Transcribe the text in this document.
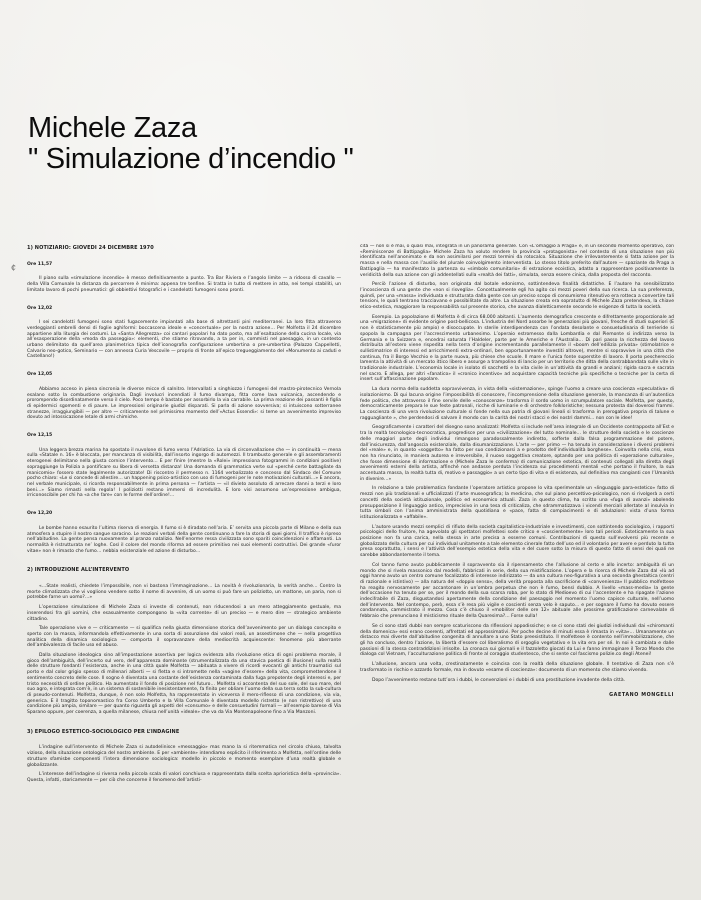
¢
Michele Zaza
" Simulazione d’incendio "
1) NOTIZIARIO: GIOVEDI 24 DICEMBRE 1970
Ore 11,57
Il piano sulla «simulazione incendio» è messo definitivamente a punto. Tra Bar Riviera e l’angolo limite — a ridosso di cavallo — della Villa Comunale la distanza da percorrere è minima: appena tre tenfine. Si tratta in tutto di mettere in atto, nei tempi stabiliti, un limitato lavoro di pochi pneumatici: gli obbiettivi fotografici e i candelotti fumogeni sono pronti.
Ore 12,02
I sei candelotti fumogeni sono stati fugacemente impiantati alla base di altrettanti pini mediterranei. La loro fitta attraverso verdeggianti ombrelli densi di foglie aghiformi: boccascena ideale e «concertuale» per la nostra azione… Per Molfetta il 24 dicembre appartiene alla liturgia dei costumi. La «Santa Allegrezza» coi cantari popolari ha dato posto, ma all’esaltazione della cucina locale, via all’esasperazione della «moda da passeggio»: elementi, che stiamo ritrovando, a ta per in, commisti nel paesaggio, in un contesto urbano delimitato da quell’area planimetrica tipica dell’iconografia configurazione umbertina o pre-umbertina (Palazzo Cappelletti, Calvario neo-gotico, Seminario — con annessa Curia Vescovile — proprio di fronte all’epico tregueggiamento del «Monumento ai caduti e Castellano!)
Ore 12,05
Abbiamo acceso in piena sincronia le diverse micce di salnitro. Intervallati a singhiozzo i fumogeni del mastro-pirotecnico Vernola esalano sotto la combustione originaria. Dagli involucri incendiati il fumo divampa, fitta come lava vulcanica, ascendendo e prorompendo disordinatamente verso il cielo. Poco tempo è bastato per assorbirlo la via carrabile. La prima reazione dei passanti è figlia di epidermici sgomenti e di paure. Le impressioni originarie giudizi disparati. Si parla di azione sovversiva; si intuiscono sotterranee stranezze, irraggiungibili — per altre — criticamente nel primissimo momento dell’«Actus Essendi»: si teme un avvenimento impreviso dovuto ad intossicazione letale di armi chimiche.
Ore 12,15
Una leggera brezza marina ha spostato il nuvolone di fumo verso l’Adriatico. La via di circonvallazione che — in continuità — mena sulla «Statale n. 16» è bloccata, per mancanza di visibilità, dall’insorto ingorgo di automezzi. Il trambusto generale e gli assembramenti eterogenei delimitano nella giusta cornice l’intervento… E per finire (mentre la «Rolei» impressiona fotogrammi in condizioni positive) sopraggiunge la Polizia a pontificare su libera di versetta distanza! Una domanda di grammatica verte sul «perché certe battagliate da manicomio» fossero state legalmente autorizzate! Di riscontro il permesso n. 1164 verbalizzato e concesso dal Sindaco del Comune pocho chiaro: «Le si concede di allestire… un happening psico-artistico con uso di fumogeni per le note motivazioni culturali…» E ancora, nel verbale municipale, si ricorda responsabilmente in prima persona — l’artista — «il divieto assoluto di arrecare danni a terzi e loro beni…» Siamo rimasti nella regola! I poliziotti restano immersi di incredulità. E loro visi assumono un’espressione ambigua, irriconoscibile per chi ha «a che fare» con le forme dell’ordine!…
Ore 12,20
Le bombe hanno esaurito l’ultima riserva di energia. Il fumo si è diradato nell’aria. E’ servita una piccola parte di Milano e della sua atmosfera a stupire il nostro sangue saracino. Le reazioni verbali della gente continuano a fare la storia di quei giorni. Il traffico è ripreso nell’abitudine. La gente pensa nuovamente al pranzo natalizio. Nell’enorme ressa civilizzata sono spariti coincidenzioni e affamanti. La normalità è ristrutturata ne’ loghe. Così il colore del mondo riforma ad essere primitivo nei suoi elementi costruttivi. Dei grande «furor vitae» non è rimasto che fumo… nebbia esistenziale ed azione di disturbo…
2) INTRODUZIONE ALL’INTERVENTO

«…State realisti, chiedete l’impossibile, non vi bastona l’immaginazione… La novità è rivoluzionaria, la verità anche… Contro la morte climatizzata che vi vogliono vendere sotto il nome di avvenire, di un uomo si può fare un poliziotto, un mattone, un paria, non si potrebbe farne un uomo?…»

L’operazione simulazione di Michele Zaza si investe di contenuti, non riducendosi a un mero atteggiamento gestuale, ma inserendosi fra gli uomini, che esasualmente compongono la «vita corrente» di un preciso — e mero dire — strategico ambiente cittadino.

Tale operazione vive e — criticamente — si qualifica nella giusta dimensione storica dell’avvenimento per un dialogo concepito e sperto con la massa, informandola effettivamente in una sorta di assunzione dai valori reali, un assestimone che — nella progettiva analitica della dinamica sociologica — comporta il sopravanzare della mediocrità acquiescente: fenomeno più aberrante dell’ambivalenza di facile uso ed abuso.

Dalla situazione ideologica sino all’impostazione assertiva per logica evidenza alla rivoluzione etica di ogni problema morale, il gioco dell’ambiguità, dell’incerto sul vero, dell’apparenza dominante (strumentalizzata da una stavica poetica di illusione) sulla realtà delle strutture fondanti l’esistenza, anche in una città quale Molfetta — abituata a vivere di ricordi evocanti gli antichi traumatici sul porto e dal color grigio spesso di millenari alberti — si fletta e si intromette nella «vagine d’essere» della vita, compromettendone il sentimento concreto delle cose. Il sogno è diventata una costante dell’esistenza contaminata dalla fuga prepotente degli interessi e, per tristo necessità di ordine politico. Ha aumentato il fondo di posizione nel futuro… Molfetta si accontenta del suo sole, del suo mare, del suo agro, e integrata com’è, in un sistema di sostenibile inesistentamente, fa finito per obliare l’uomo della sua terra sotto la sub-cultura di pseudo-contenuti. Molfetta, dunque, è non solo Molfetta, ha rappresentato in viceversa il mero-riflesso di una condizione, via via, generica. E il tragitto toponomastico fra Corso Umberto e la Villa Comunale è diventata modello ristretto (e non ristrettivo) di una condizione più ampia, similare — per quanto riguarda gli aspetti del «consumo» e delle consuetudini formali — all’esempio barese di Via Sparano oppure, per coerenza, a quella milanese, chiusa nell’unità «ideale» che va da Via Montenapoleone fino a Via Manzoni.

3) EPILOGO ESTETICO-SOCIOLOGICO PER L’INDAGINE

L’indagine sull’intervento di Michele Zaza si autodelinisce «messaggio» mas mano la si ritemmatica nel circolo chiuso, talvolta vizioso, della situazione ontologica del nostro ambiente. E per «ambiente» intendiamo esplicito il riferimento a Molfetta, nell’ordine delle strutture sfamisbe componenti l’intera dimensione sociologica: modello in piccolo e momento esemplare d’una realtà globale e globalizzante.

L’interesse dell’indagine si riversa nella piccola scala di valori conchiusa e rappresentata dalla scelta aprioristica della «provincia». Questa, infatti, storicamente — per ciò che concerne il fenomeno dell’artisti-

cità — non si è mai, o quasi mai, integrata in un panorama generale. Con «L’omaggio a Praga» e, in un secondo momento operativo, con «Reminiscenze di Battipaglia» Michele Zaza ha voluto rendere la provincia «protagonista» nel contesto di una situazione non più identificata nell’anonimato e da non assimilarsi per mezzi termini da rotocalco. Situazione che irrilevantemente si fatta azione per la massa e nella massa con l’ausilio del plurale coinvolgimento interventista. Lo stesso titolo preferito dall’autore — spaziante da Praga a Battipaglia — ha manifestato la partenza su «simbolo comunitario» di estrazione ecoistica, adatto a rappresentare positivamente la veridicità della sua azione con gli addentellati sulla «realtà dei fatti», simulata, senza essere cinica, dalla proposta del racconto.

Perciò l’azione di disturbo, non originata dal botale edonismo, sottintendeva finalità didattiche. E l’autore ha sensibilizzato l’incoscienza di una gente che «non si risveglia». Concettualmente egli ha agito coi mezzi poveri della sua ricerca. La sua preferenza, quindi, per una «massa» individuata e strutturata dalla gente con un preciso scopo di consumismo ritenutivo era rotteca a convertire tali tensioni, le quali tentrano tracciavano e possibilitate da altre. La situazione creata era sopratutto di Michele Zaza pretendeva, la chiave etico-estetica, maggiorare la responsabilità sul presente storico, che avanza dialetticamente secondo le esigenze di tutta la società.

Esempio. La popolazione di Molfetta è di circa 68.000 abitanti. L’aumento demografico crescente e difrettamente proporzionale ad una «migrazione» di evidente origine post-bellicosa. L’industria del Nord assorbe le generazioni più giovani, fresche di studi superiori (E non è statisticamente più ampio) e disoccupate. In sterile interdipendenza con l’ondata desolante e consuetudinaria di terrieride si spopola la campagna per l’accrescimento urbanesimo. L’operaio estromesso dalla Lombardia e dal Piemonte si indirizza verso la Germania e la Svizzera e, encedrai saturata l’Haldeler, parte per le Americhe e l’Australia… Di pari passo la ricchezza del lavoro distribuita all’estero viene rispedita nella terra d’origine incrementando parallelamente il «boom dell’edilizia privata» (stimolatrice e sullistimatrice di interessi ed arricchimenti extra-ordinari, ben opportunamente investiti altrove), mentre si sopravvive in una città che continua, fra il Borgo Vecchio e la parte nuova, più chiese che scuole. Il mare e l’unica fonte superstite di lavoro. Il porto peschereccio lamenta la attività di un mercato ittico libero e assurge a trampolino di lancio per un territorio che ditta della contrabbandata sulle vite in tradizionale industriale. L’economia locale in isolato di sacchetti e la vita civile in un’attività da grandi e anziani; rigida sacra e sacrata nel sacro. E allega, per altri «fanatico» il «cronico incentivo» ad acquistare capacità tecniche più specifiche o tecniche per la certa di insert sull’affascinazione popolare.

La dura norma della suddetta sopravvivenza, in vista della «sistemazione», spinge l’uomo a creare una coscienza «speculativa» di isolazionismo. Di qui lacuna origine l’impossibilità di conoscere, l’incomprensione della situazione generale, la mancanza di un’autentica fede politica, che attraverso il fine servile delle «conoscenze» trasforma il sordo uomo in scrumpulatore sociale. Molfetta, per questo, democraticamente prepara le sue feste patronali, ricche di luminarie e di orchestre folkloristiche; nessuna protesta dai doverosi frammi. La coscienza di una vera rivoluzione culturale si fonde nella sua patria di giovani lineali si trasforma in prerogativa propria di talune e ragguagliante », che perdendosi di salvare il mondo con la carità dei nostri stacci e dei nostri dammi… non con le idee!

Geograficamente i caratteri del disegno sono analizzati: Molfetta si include nell’area integrale di un Occidente contrapposto all’Est e tra la realtà tecnologico-tecnocratica, progredisce per una «civilizzazione» del tutto nominale… le strutture della società e le coscienze delle maggiori parte degli individui rimangono paradossalmente indiretto, sofferte dalla falsa programmazione del potere, dall’insicurezza, dall’angoscia esistenziale, dalla disumanizzazione. L’arte — per primo — ha tenuto in considerazione i diversi problemi del «reale» e, in quanto «soggetto» ha fatto per suo condizionarsi a e prodotto dell’individualità borghese». Coinvolta nella crisi, essa non ha rinunciato, in maniera autorea e irreversibile, il nuovo soggettiva creatore, optando per una politica di «operazione culturale», che fosse dimensione di informazione e (Michele Zaza le conferma) di comunicazione estetica, di contenuti collegati alla diretta degli avvenimenti esterni della artista, affinché non andasse perduta l’incidenza sui procedimenti mentali «che portano il fruitore, la sua accentuata massa, la realtà tutta di, motivo e passaggio» a un certo tipo di vita e di esistenza, sul definitivo ma cangianti con l’Umanità in divenire…»

In relazione a tale problematica fondante l’operatore artistico propone lo vita sperimentale un «linguaggio para-estetico» fatto di mezzi non più tradizionali e ufficializzati (l’arte museografica; la medicina, che sul piano percettivo-psicologico, non si rivolgerà a certi concetti della società istituzionale, politico ed economico attuali. Zaza in questo clima, ha scritto una «fuga di avanzi» abolendo prosupposizione il linguaggio antico, imprecisivo in una tesa di criticaliza, che sdrammatizzava i vicendi merciali allertate al insulvia in tutta simboli con l’anima amministrata della quotidiana e «pace, fatta di compiacimenti e di adulazioni: vista d’una forma istituzionalizzata e «affabile».

L’autore usando mezzi semplici di rifiuto della società capitalistico-industriale e investimenti, con sottintendo sociologico, i rapporti psicologici dello fruitore, ha agevolato gli spettatori molfettesi sode critico e «coscientemente» loro tali pericoli. Esteticamente la sua posizione non fa una carica, nella stessa in arte precisa a esserne comuni. Contribuzioni di questo sull’evolversi più recente e globalizzato della cultura per cui individual unitamente a tale elemento cinerale fatto dell’uso ed il volontario per avere e perduto la tutta presa soprattutto, i sensi e l’attività dell’esempio estetica della vita e del cuore sotto la misura di questo fatto di sensi dei quali ne sarebbe abbondantemente il tema.

Col tanno fumo avuto pubblicamente il sopravvento sia il ripensamento che l’allusione al certo e allo incerto: ambiguità di un mondo che si rivela massonico dal modelli, fabbricati in serie, della sua mistificazione. L’opera e la ricerca di Michele Zaza dal «Iù ad oggi hanno avuto un centro comune focalizzato di interesse indirizzato — da una cultura neo-figurativa a una seconda ghestaltica (centri di razionale e istintivo) — alla natura del «doppio senso», della verità proposta alla sacrificione di «convenienza» Il pubblico molfettese ha reagito nervosamente per accantonare in un’ombra perpetua che non è fumo, bensì dubbio. A livello «mass-media» la gente dell’occasione ha tenuto per se, per il mondo della sua scarsa roba, per lo stato di Medioevo di cui l’accentente e ha ripagate l’azione indecifrabile di Zaza, disgustandosi apertamente della condizione del paesaggio nel momento l’uomo capisce culturale, nell’uomo dell’intervento. Nel contempo, però, essa s’è resa più vigile e coscienti senza velo è saputo… e per sognare il fumo ha dovuto essere condannata, cammistrato il mezzo. Cosa c’è chiuso il «mobiliter delle ore 12» abituale alle prossime gratificazione carnevalate di febbraio che prenunciano il misticismo rituale della Quaresima?… Forse sulla!

Se ci sono stati dubbi non sempre scaturiscono da riflessioni appodissiche; e se ci sono stati dei giudizi individuali dai «chiromanti della domenica» essi erano coerenti, affrettati ed approssimativi. Per poche decine di minuti essa è rimasta in «vita»… Umanamente un distacco mai diverte dall’abitudine congenita di annullare a uno Stato preesistituto. Il molfettese è contento nell’immobilizzazione, che gli ha concluso, dentro l’azione, la libertà d’essere col liberalismo di orgoglio vegetativo e la vita era per sé. In noi è cambiata e dalle passioni di la stessa contraddizioni irrisolte. La cronaca sui giornali e il fazzoletto giocati da Lui e fanno immaginare il Terzo Mondo che dialoga col Vietnam, l’acculturazione politica di fronte al coraggio studentesco, che si sente col fascismo polizie.co degli Atenei!

L’allusione, ancora una volta, crestinatamente e coincisa con la realtà della situazione globale. Il tentativo di Zaza non s’è trasformato in rischio e azzardo formale, ma in dovuto «esame di coscienza»: documento di un momento che stiamo vivendo.

Dopo l’avvenimento restano tutt’ora i dubbi, le convenzioni e i dubbi di una prostituzione invadente della città.

GAETANO MONGELLI
